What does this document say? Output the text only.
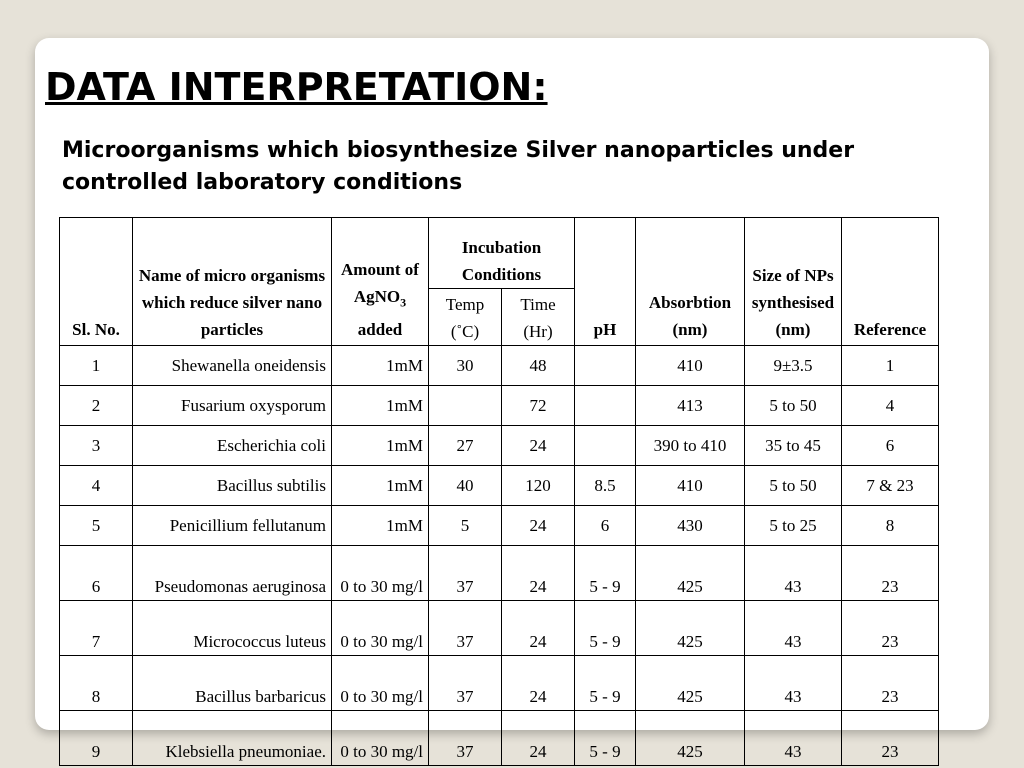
DATA INTERPRETATION:

Microorganisms which biosynthesize Silver nanoparticles under controlled laboratory conditions

Sl. No.	Name of micro organisms which reduce silver nano particles	Amount of AgNO$_3$ added	Incubation Conditions		pH	Absorbtion (nm)	Size of NPs synthesised (nm)	Reference
			Temp (˚C)	Time (Hr)				
1	Shewanella oneidensis	1mM	30	48		410	9±3.5	1
2	Fusarium oxysporum	1mM		72		413	5 to 50	4
3	Escherichia coli	1mM	27	24		390 to 410	35 to 45	6
4	Bacillus subtilis	1mM	40	120	8.5	410	5 to 50	7 & 23
5	Penicillium fellutanum	1mM	5	24	6	430	5 to 25	8
6	Pseudomonas aeruginosa	0 to 30 mg/l	37	24	5 - 9	425	43	23
7	Micrococcus luteus	0 to 30 mg/l	37	24	5 - 9	425	43	23
8	Bacillus barbaricus	0 to 30 mg/l	37	24	5 - 9	425	43	23
9	Klebsiella pneumoniae.	0 to 30 mg/l	37	24	5 - 9	425	43	23
